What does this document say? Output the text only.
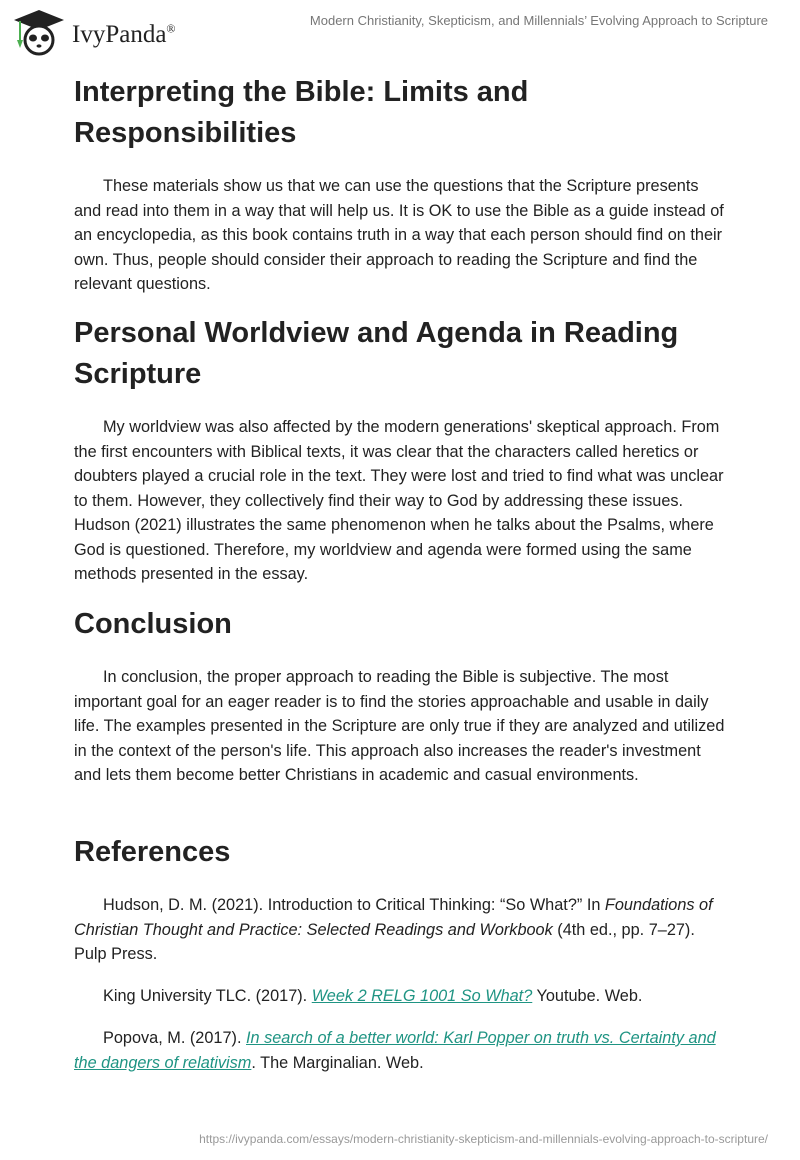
IvyPanda®
Modern Christianity, Skepticism, and Millennials’ Evolving Approach to Scripture
Interpreting the Bible: Limits and Responsibilities

These materials show us that we can use the questions that the Scripture presents and read into them in a way that will help us. It is OK to use the Bible as a guide instead of an encyclopedia, as this book contains truth in a way that each person should find on their own. Thus, people should consider their approach to reading the Scripture and find the relevant questions.

Personal Worldview and Agenda in Reading Scripture

My worldview was also affected by the modern generations' skeptical approach. From the first encounters with Biblical texts, it was clear that the characters called heretics or doubters played a crucial role in the text. They were lost and tried to find what was unclear to them. However, they collectively find their way to God by addressing these issues. Hudson (2021) illustrates the same phenomenon when he talks about the Psalms, where God is questioned. Therefore, my worldview and agenda were formed using the same methods presented in the essay.

Conclusion

In conclusion, the proper approach to reading the Bible is subjective. The most important goal for an eager reader is to find the stories approachable and usable in daily life. The examples presented in the Scripture are only true if they are analyzed and utilized in the context of the person's life. This approach also increases the reader's investment and lets them become better Christians in academic and casual environments.

References

Hudson, D. M. (2021). Introduction to Critical Thinking: “So What?” In Foundations of Christian Thought and Practice: Selected Readings and Workbook (4th ed., pp. 7–27). Pulp Press.

King University TLC. (2017). Week 2 RELG 1001 So What? Youtube. Web.

Popova, M. (2017). In search of a better world: Karl Popper on truth vs. Certainty and the dangers of relativism. The Marginalian. Web.

https://ivypanda.com/essays/modern-christianity-skepticism-and-millennials-evolving-approach-to-scripture/
